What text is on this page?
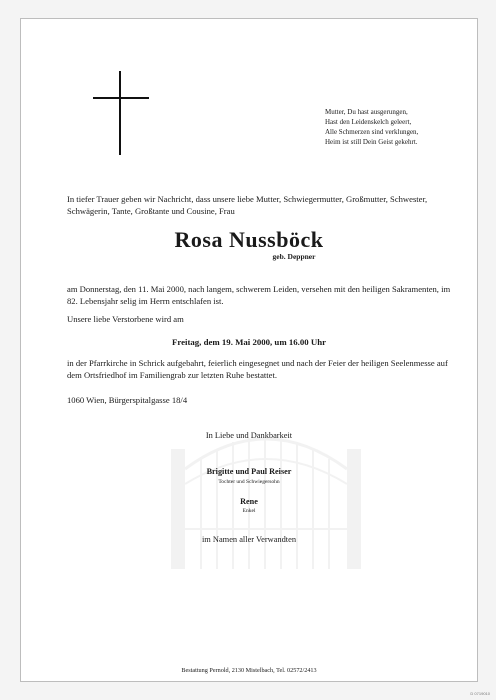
Mutter, Du hast ausgerungen,
Hast den Leidenskelch geleert,
Alle Schmerzen sind verklungen,
Heim ist still Dein Geist gekehrt.
In tiefer Trauer geben wir Nachricht, dass unsere liebe Mutter, Schwiegermutter, Großmutter, Schwester, Schwägerin, Tante, Großtante und Cousine, Frau
Rosa Nussböck
geb. Deppner
am Donnerstag, den 11. Mai 2000, nach langem, schwerem Leiden, versehen mit den heiligen Sakramenten, im 82. Lebensjahr selig im Herrn entschlafen ist.
Unsere liebe Verstorbene wird am
Freitag, dem 19. Mai 2000, um 16.00 Uhr
in der Pfarrkirche in Schrick aufgebahrt, feierlich eingesegnet und nach der Feier der heiligen Seelenmesse auf dem Ortsfriedhof im Familiengrab zur letzten Ruhe bestattet.
1060 Wien, Bürgerspitalgasse 18/4
In Liebe und Dankbarkeit
Brigitte und Paul Reiser
Tochter und Schwiegersohn
Rene
Enkel
im Namen aller Verwandten
Bestattung Pernold, 2130 Mistelbach, Tel. 02572/2413
D 0719010
